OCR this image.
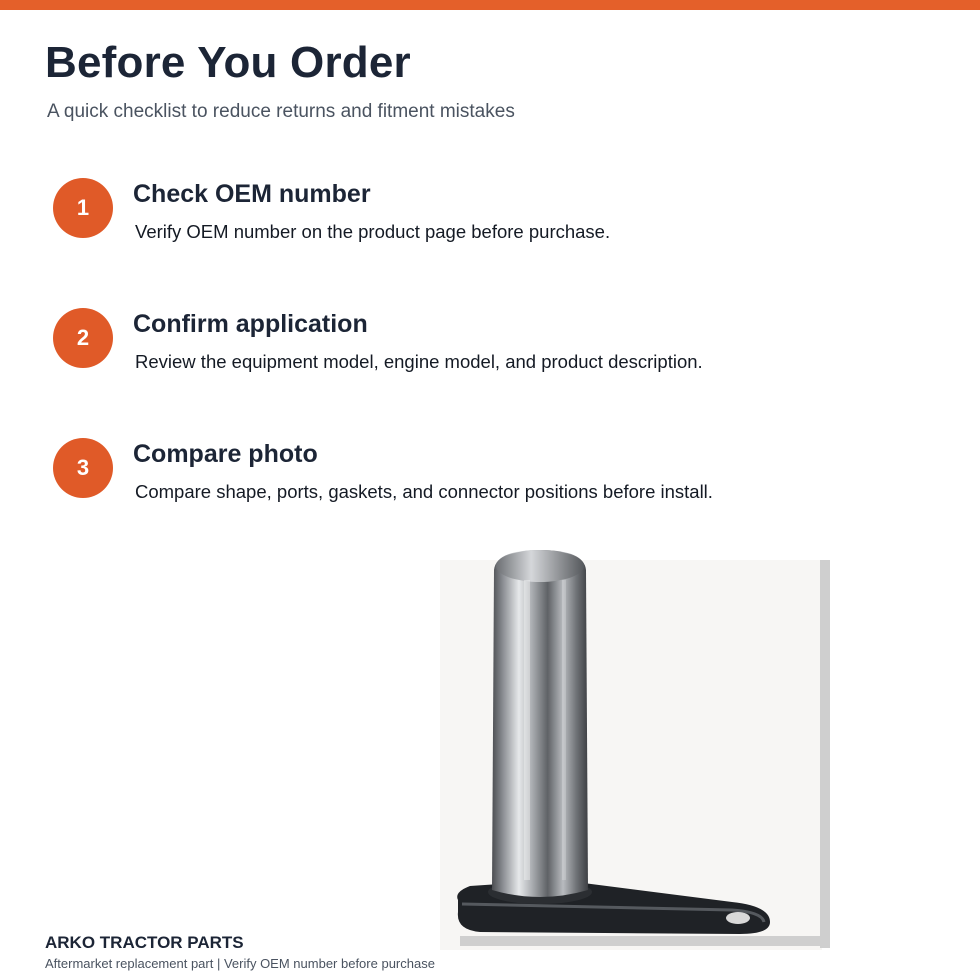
Before You Order
A quick checklist to reduce returns and fitment mistakes
1	Check OEM number
Verify OEM number on the product page before purchase.
2	Confirm application
Review the equipment model, engine model, and product description.
3	Compare photo
Compare shape, ports, gaskets, and connector positions before install.
ARKO TRACTOR PARTS
Aftermarket replacement part | Verify OEM number before purchase
